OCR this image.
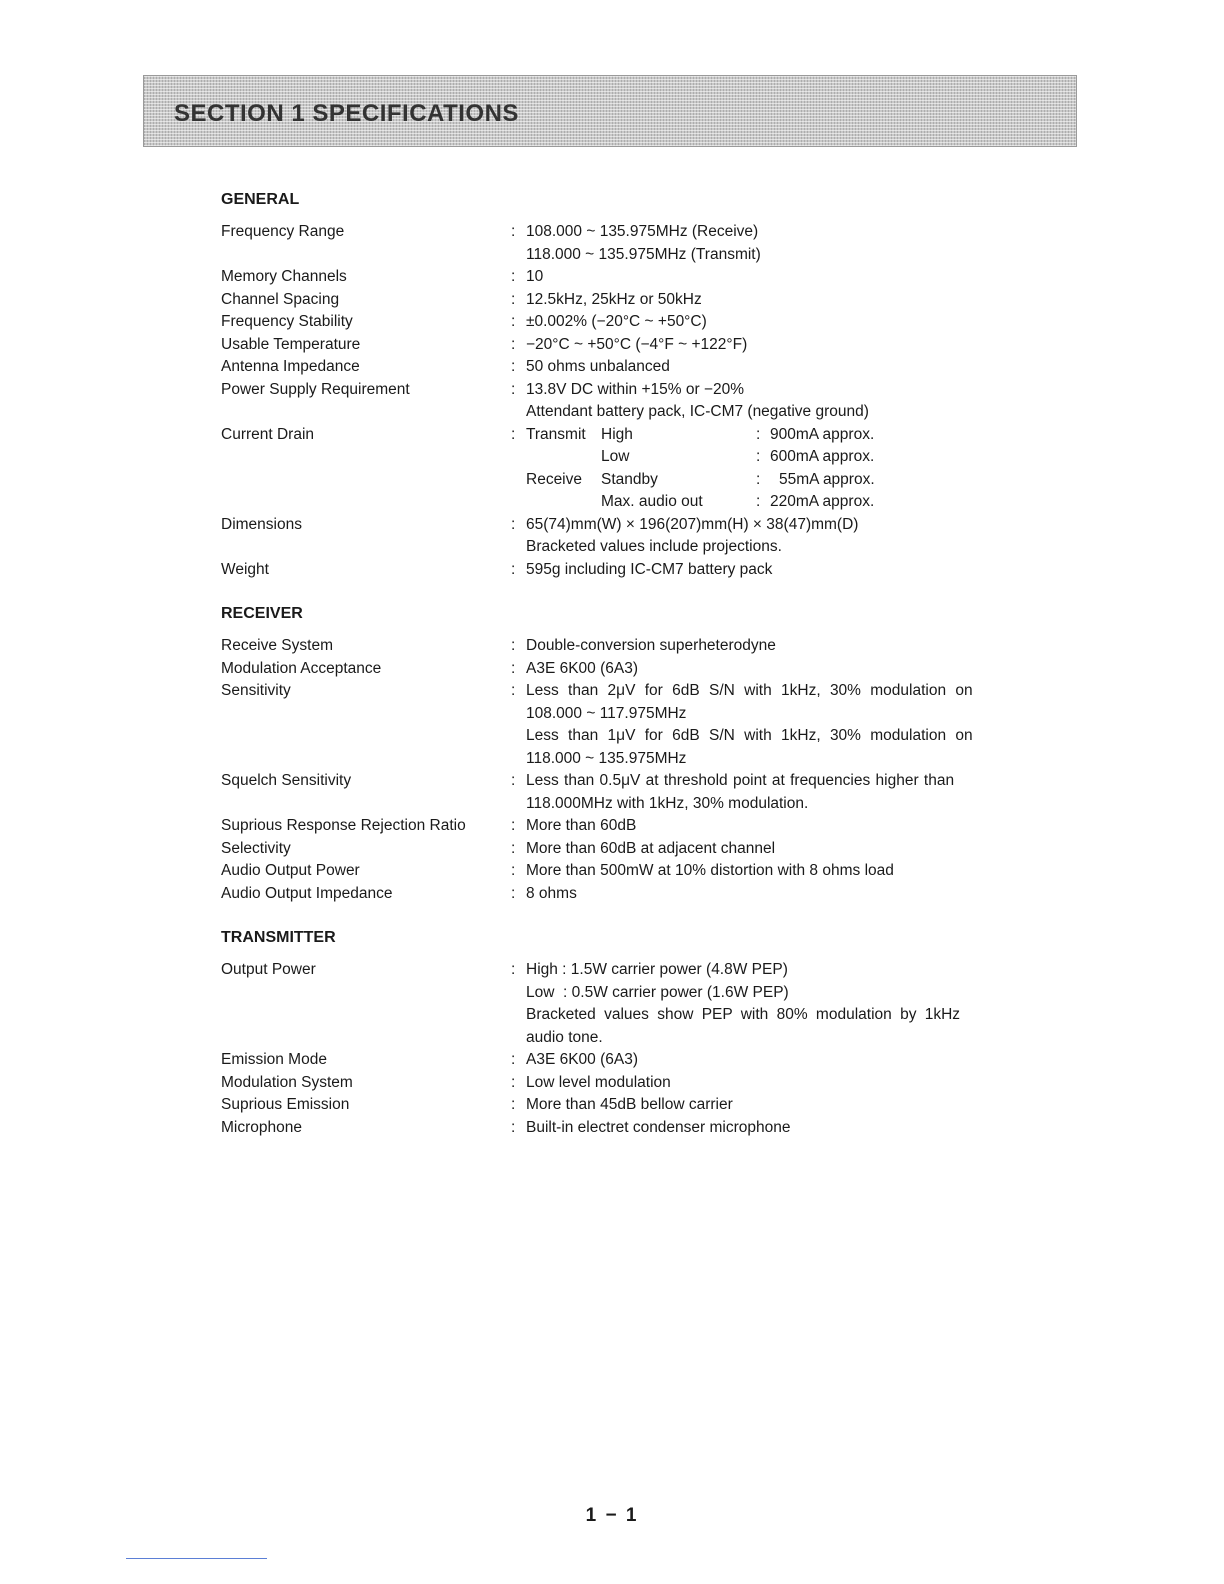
SECTION 1 SPECIFICATIONS
GENERAL
Frequency Range	: 108.000 ~ 135.975MHz (Receive)
118.000 ~ 135.975MHz (Transmit)
Memory Channels	: 10
Channel Spacing	: 12.5kHz, 25kHz or 50kHz
Frequency Stability	: ±0.002% (−20°C ~ +50°C)
Usable Temperature	: −20°C ~ +50°C (−4°F ~ +122°F)
Antenna Impedance	: 50 ohms unbalanced
Power Supply Requirement	: 13.8V DC within +15% or −20%
Attendant battery pack, IC-CM7 (negative ground)
Current Drain	: Transmit High	: 900mA approx.
Low	: 600mA approx.
Receive	Standby	:	55mA approx.
Max. audio out	: 220mA approx.
Dimensions	: 65(74)mm(W) × 196(207)mm(H) × 38(47)mm(D)
Bracketed values include projections.
Weight	: 595g including IC-CM7 battery pack
RECEIVER
Receive System	: Double-conversion superheterodyne
Modulation Acceptance	: A3E 6K00 (6A3)
Sensitivity	: Less than 2μV for 6dB S/N with 1kHz, 30% modulation on
108.000 ~ 117.975MHz
Less than 1μV for 6dB S/N with 1kHz, 30% modulation on
118.000 ~ 135.975MHz
Squelch Sensitivity	: Less than 0.5μV at threshold point at frequencies higher than
118.000MHz with 1kHz, 30% modulation.
Suprious Response Rejection Ratio	: More than 60dB
Selectivity	: More than 60dB at adjacent channel
Audio Output Power	: More than 500mW at 10% distortion with 8 ohms load
Audio Output Impedance	: 8 ohms
TRANSMITTER
Output Power	: High : 1.5W carrier power (4.8W PEP)
Low  : 0.5W carrier power (1.6W PEP)
Bracketed values show PEP with 80% modulation by 1kHz
audio tone.
Emission Mode	: A3E 6K00 (6A3)
Modulation System	: Low level modulation
Suprious Emission	: More than 45dB bellow carrier
Microphone	: Built-in electret condenser microphone
1 − 1
